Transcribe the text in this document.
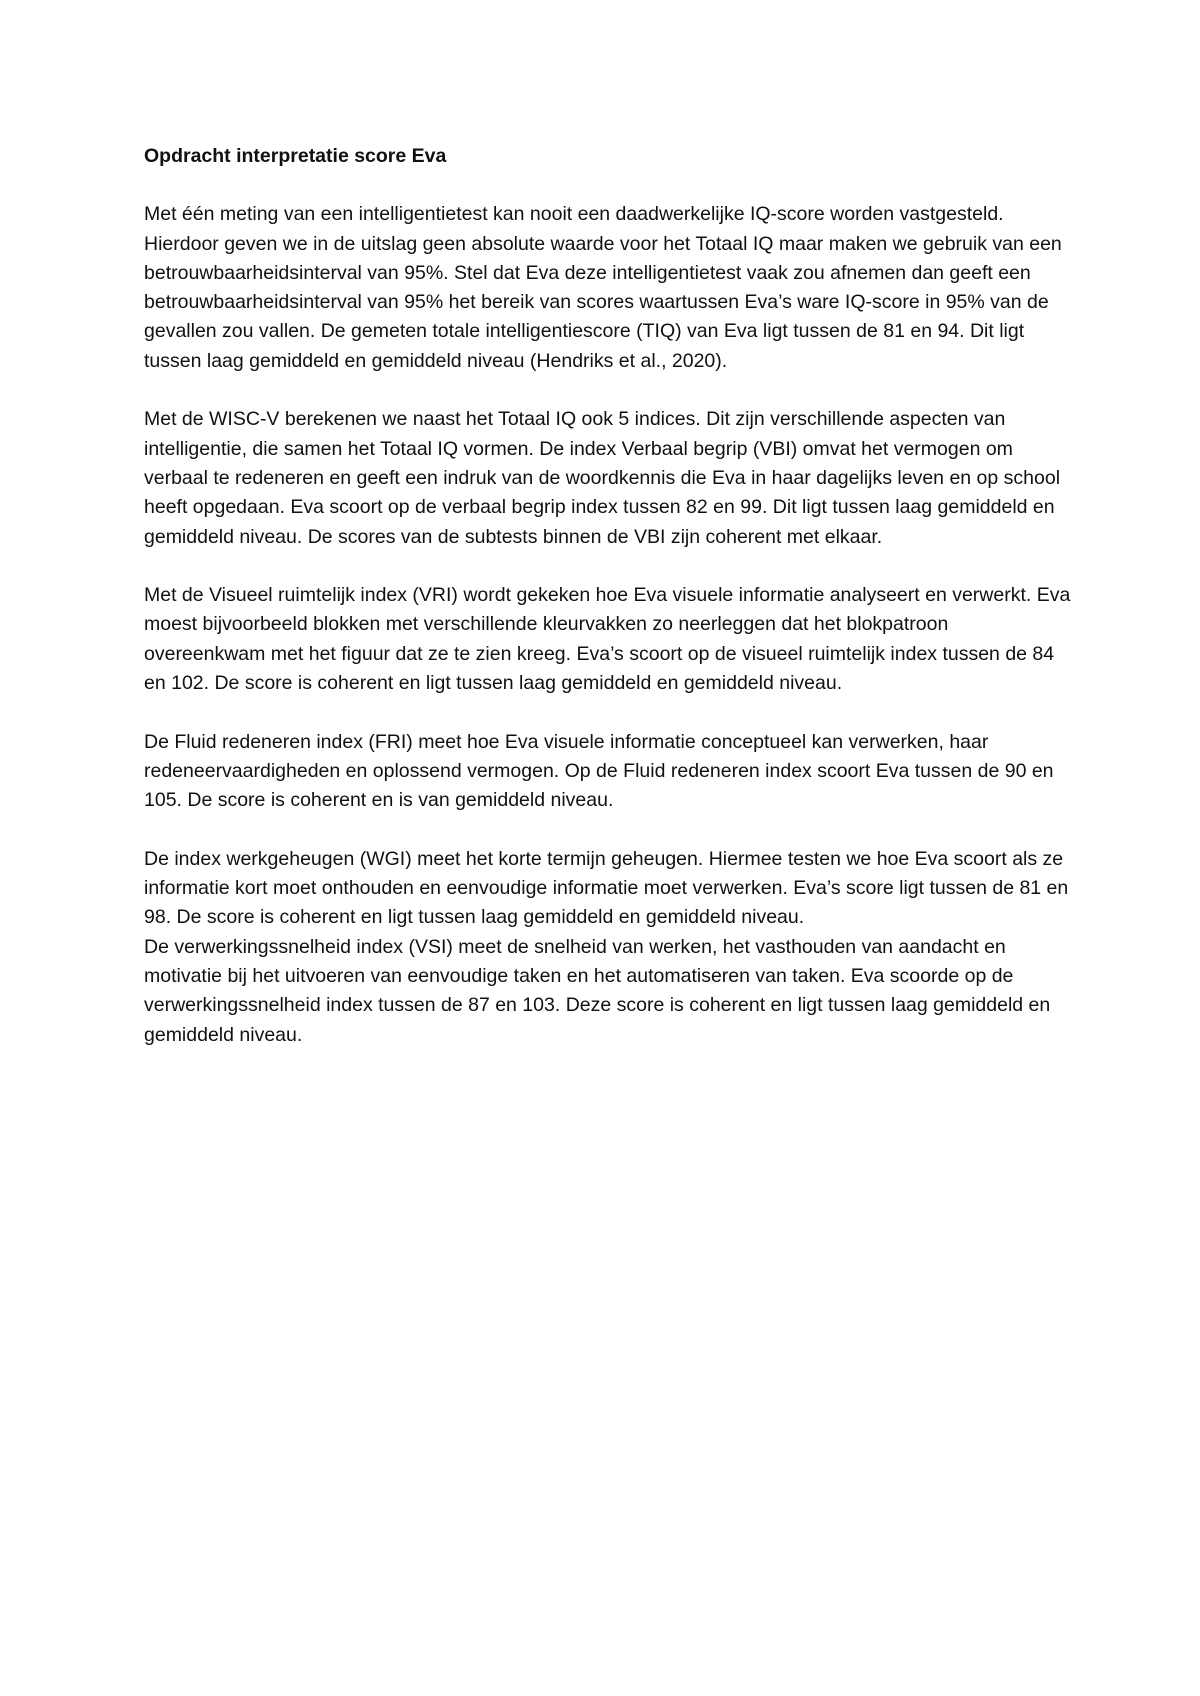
Opdracht interpretatie score Eva

Met één meting van een intelligentietest kan nooit een daadwerkelijke IQ-score worden vastgesteld. Hierdoor geven we in de uitslag geen absolute waarde voor het Totaal IQ maar maken we gebruik van een betrouwbaarheidsinterval van 95%. Stel dat Eva deze intelligentietest vaak zou afnemen dan geeft een betrouwbaarheidsinterval van 95% het bereik van scores waartussen Eva’s ware IQ-score in 95% van de gevallen zou vallen. De gemeten totale intelligentiescore (TIQ) van Eva ligt tussen de 81 en 94. Dit ligt tussen laag gemiddeld en gemiddeld niveau (Hendriks et al., 2020).

Met de WISC-V berekenen we naast het Totaal IQ ook 5 indices. Dit zijn verschillende aspecten van intelligentie, die samen het Totaal IQ vormen. De index Verbaal begrip (VBI) omvat het vermogen om verbaal te redeneren en geeft een indruk van de woordkennis die Eva in haar dagelijks leven en op school heeft opgedaan. Eva scoort op de verbaal begrip index tussen 82 en 99. Dit ligt tussen laag gemiddeld en gemiddeld niveau. De scores van de subtests binnen de VBI zijn coherent met elkaar.

Met de Visueel ruimtelijk index (VRI) wordt gekeken hoe Eva visuele informatie analyseert en verwerkt. Eva moest bijvoorbeeld blokken met verschillende kleurvakken zo neerleggen dat het blokpatroon overeenkwam met het figuur dat ze te zien kreeg. Eva’s scoort op de visueel ruimtelijk index tussen de 84 en 102. De score is coherent en ligt tussen laag gemiddeld en gemiddeld niveau.

De Fluid redeneren index (FRI) meet hoe Eva visuele informatie conceptueel kan verwerken, haar redeneervaardigheden en oplossend vermogen. Op de Fluid redeneren index scoort Eva tussen de 90 en 105. De score is coherent en is van gemiddeld niveau.

De index werkgeheugen (WGI) meet het korte termijn geheugen. Hiermee testen we hoe Eva scoort als ze informatie kort moet onthouden en eenvoudige informatie moet verwerken. Eva’s score ligt tussen de 81 en 98. De score is coherent en ligt tussen laag gemiddeld en gemiddeld niveau.

De verwerkingssnelheid index (VSI) meet de snelheid van werken, het vasthouden van aandacht en motivatie bij het uitvoeren van eenvoudige taken en het automatiseren van taken. Eva scoorde op de verwerkingssnelheid index tussen de 87 en 103. Deze score is coherent en ligt tussen laag gemiddeld en gemiddeld niveau.
